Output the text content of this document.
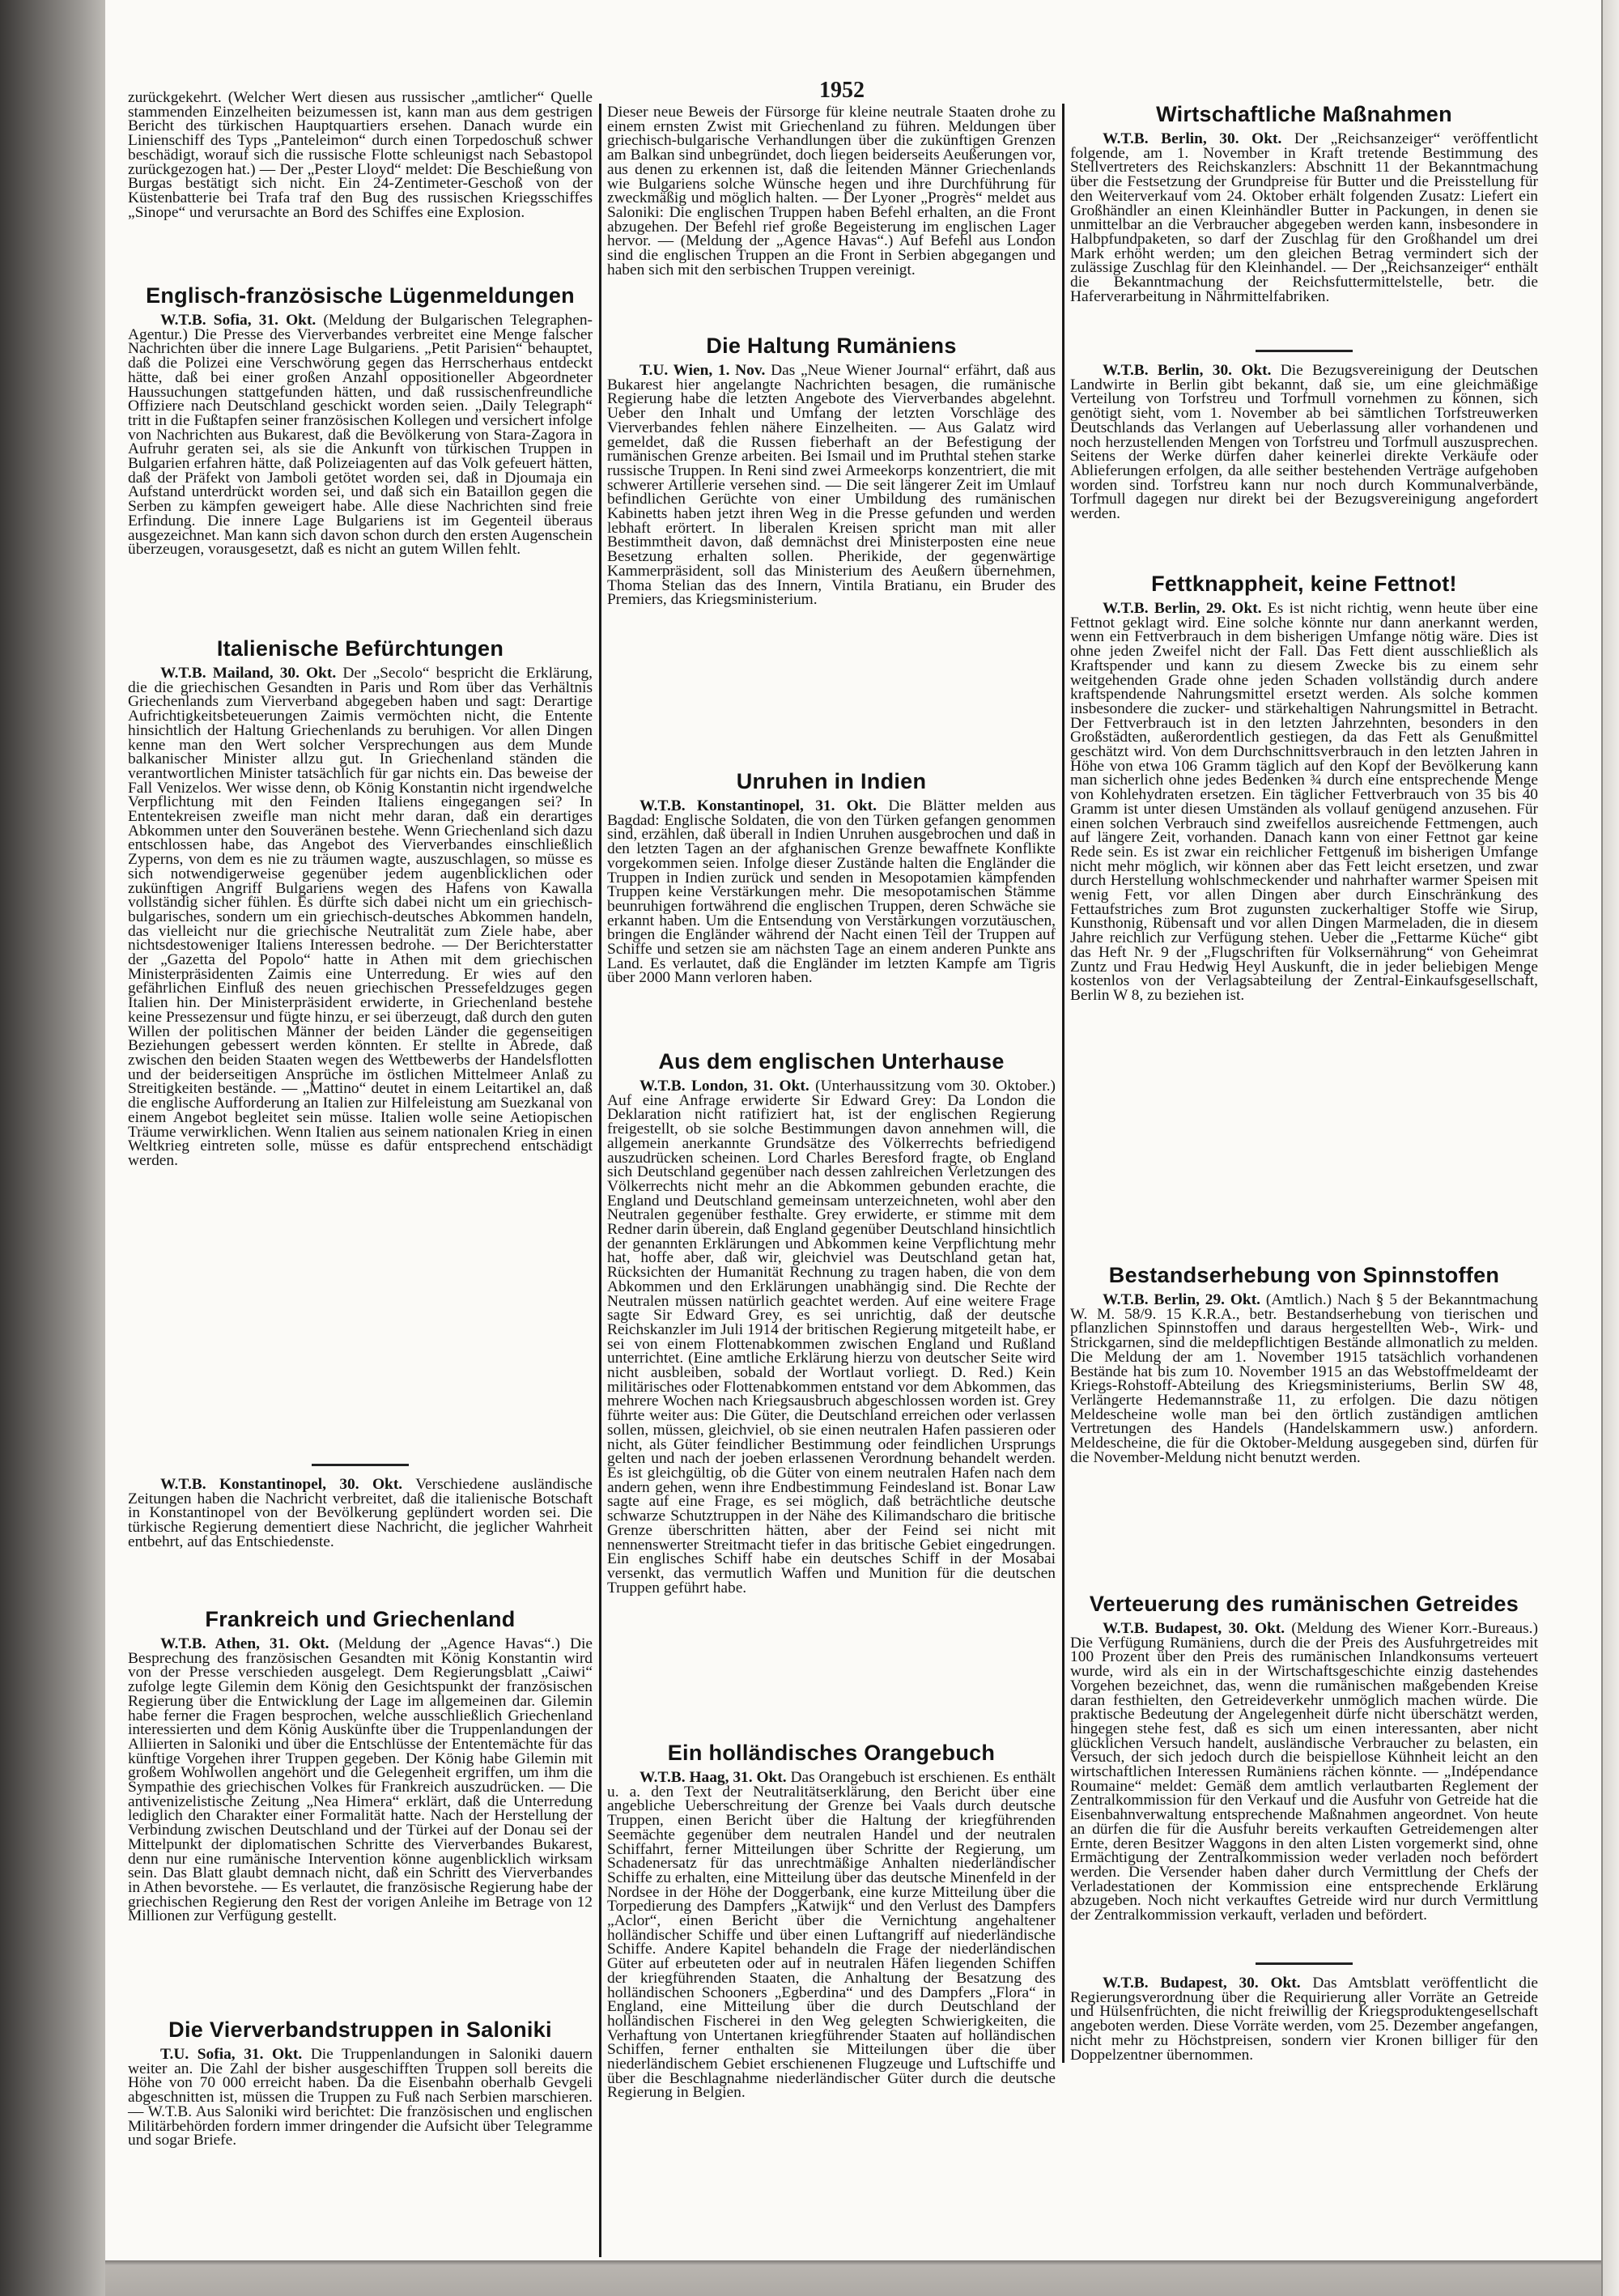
1952

zurückgekehrt. (Welcher Wert diesen aus russischer „amtlicher“ Quelle stammenden Einzelheiten beizumessen ist, kann man aus dem gestrigen Bericht des türkischen Hauptquartiers ersehen. Danach wurde ein Linienschiff des Typs „Panteleimon“ durch einen Torpedoschuß schwer beschädigt, worauf sich die russische Flotte schleunigst nach Sebastopol zurückgezogen hat.) — Der „Pester Lloyd“ meldet: Die Beschießung von Burgas bestätigt sich nicht. Ein 24-Zentimeter-Geschoß von der Küstenbatterie bei Trafa traf den Bug des russischen Kriegsschiffes „Sinope“ und verursachte an Bord des Schiffes eine Explosion.

Englisch-französische Lügenmeldungen

W.T.B. Sofia, 31. Okt. (Meldung der Bulgarischen Telegraphen-Agentur.) Die Presse des Vierverbandes verbreitet eine Menge falscher Nachrichten über die innere Lage Bulgariens. „Petit Parisien“ behauptet, daß die Polizei eine Verschwörung gegen das Herrscherhaus entdeckt hätte, daß bei einer großen Anzahl oppositioneller Abgeordneter Haussuchungen stattgefunden hätten, und daß russischenfreundliche Offiziere nach Deutschland geschickt worden seien. „Daily Telegraph“ tritt in die Fußtapfen seiner französischen Kollegen und versichert infolge von Nachrichten aus Bukarest, daß die Bevölkerung von Stara-Zagora in Aufruhr geraten sei, als sie die Ankunft von türkischen Truppen in Bulgarien erfahren hätte, daß Polizeiagenten auf das Volk gefeuert hätten, daß der Präfekt von Jamboli getötet worden sei, daß in Djoumaja ein Aufstand unterdrückt worden sei, und daß sich ein Bataillon gegen die Serben zu kämpfen geweigert habe. Alle diese Nachrichten sind freie Erfindung. Die innere Lage Bulgariens ist im Gegenteil überaus ausgezeichnet. Man kann sich davon schon durch den ersten Augenschein überzeugen, vorausgesetzt, daß es nicht an gutem Willen fehlt.

Italienische Befürchtungen

W.T.B. Mailand, 30. Okt. Der „Secolo“ bespricht die Erklärung, die die griechischen Gesandten in Paris und Rom über das Verhältnis Griechenlands zum Vierverband abgegeben haben und sagt: Derartige Aufrichtigkeitsbeteuerungen Zaimis vermöchten nicht, die Entente hinsichtlich der Haltung Griechenlands zu beruhigen. Vor allen Dingen kenne man den Wert solcher Versprechungen aus dem Munde balkanischer Minister allzu gut. In Griechenland ständen die verantwortlichen Minister tatsächlich für gar nichts ein. Das beweise der Fall Venizelos. Wer wisse denn, ob König Konstantin nicht irgendwelche Verpflichtung mit den Feinden Italiens eingegangen sei? In Ententekreisen zweifle man nicht mehr daran, daß ein derartiges Abkommen unter den Souveränen bestehe. Wenn Griechenland sich dazu entschlossen habe, das Angebot des Vierverbandes einschließlich Zyperns, von dem es nie zu träumen wagte, auszuschlagen, so müsse es sich notwendigerweise gegenüber jedem augenblicklichen oder zukünftigen Angriff Bulgariens wegen des Hafens von Kawalla vollständig sicher fühlen. Es dürfte sich dabei nicht um ein griechisch-bulgarisches, sondern um ein griechisch-deutsches Abkommen handeln, das vielleicht nur die griechische Neutralität zum Ziele habe, aber nichtsdestoweniger Italiens Interessen bedrohe. — Der Berichterstatter der „Gazetta del Popolo“ hatte in Athen mit dem griechischen Ministerpräsidenten Zaimis eine Unterredung. Er wies auf den gefährlichen Einfluß des neuen griechischen Pressefeldzuges gegen Italien hin. Der Ministerpräsident erwiderte, in Griechenland bestehe keine Pressezensur und fügte hinzu, er sei überzeugt, daß durch den guten Willen der politischen Männer der beiden Länder die gegenseitigen Beziehungen gebessert werden könnten. Er stellte in Abrede, daß zwischen den beiden Staaten wegen des Wettbewerbs der Handelsflotten und der beiderseitigen Ansprüche im östlichen Mittelmeer Anlaß zu Streitigkeiten bestände. — „Mattino“ deutet in einem Leitartikel an, daß die englische Aufforderung an Italien zur Hilfeleistung am Suezkanal von einem Angebot begleitet sein müsse. Italien wolle seine Aetiopischen Träume verwirklichen. Wenn Italien aus seinem nationalen Krieg in einen Weltkrieg eintreten solle, müsse es dafür entsprechend entschädigt werden.

W.T.B. Konstantinopel, 30. Okt. Verschiedene ausländische Zeitungen haben die Nachricht verbreitet, daß die italienische Botschaft in Konstantinopel von der Bevölkerung geplündert worden sei. Die türkische Regierung dementiert diese Nachricht, die jeglicher Wahrheit entbehrt, auf das Entschiedenste.

Frankreich und Griechenland

W.T.B. Athen, 31. Okt. (Meldung der „Agence Havas“.) Die Besprechung des französischen Gesandten mit König Konstantin wird von der Presse verschieden ausgelegt. Dem Regierungsblatt „Caiwi“ zufolge legte Gilemin dem König den Gesichtspunkt der französischen Regierung über die Entwicklung der Lage im allgemeinen dar. Gilemin habe ferner die Fragen besprochen, welche ausschließlich Griechenland interessierten und dem König Auskünfte über die Truppenlandungen der Alliierten in Saloniki und über die Entschlüsse der Ententemächte für das künftige Vorgehen ihrer Truppen gegeben. Der König habe Gilemin mit großem Wohlwollen angehört und die Gelegenheit ergriffen, um ihm die Sympathie des griechischen Volkes für Frankreich auszudrücken. — Die antivenizelistische Zeitung „Nea Himera“ erklärt, daß die Unterredung lediglich den Charakter einer Formalität hatte. Nach der Herstellung der Verbindung zwischen Deutschland und der Türkei auf der Donau sei der Mittelpunkt der diplomatischen Schritte des Vierverbandes Bukarest, denn nur eine rumänische Intervention könne augenblicklich wirksam sein. Das Blatt glaubt demnach nicht, daß ein Schritt des Vierverbandes in Athen bevorstehe. — Es verlautet, die französische Regierung habe der griechischen Regierung den Rest der vorigen Anleihe im Betrage von 12 Millionen zur Verfügung gestellt.

Die Vierverbandstruppen in Saloniki

T.U. Sofia, 31. Okt. Die Truppenlandungen in Saloniki dauern weiter an. Die Zahl der bisher ausgeschifften Truppen soll bereits die Höhe von 70 000 erreicht haben. Da die Eisenbahn oberhalb Gevgeli abgeschnitten ist, müssen die Truppen zu Fuß nach Serbien marschieren. — W.T.B. Aus Saloniki wird berichtet: Die französischen und englischen Militärbehörden fordern immer dringender die Aufsicht über Telegramme und sogar Briefe.

Dieser neue Beweis der Fürsorge für kleine neutrale Staaten drohe zu einem ernsten Zwist mit Griechenland zu führen. Meldungen über griechisch-bulgarische Verhandlungen über die zukünftigen Grenzen am Balkan sind unbegründet, doch liegen beiderseits Aeußerungen vor, aus denen zu erkennen ist, daß die leitenden Männer Griechenlands wie Bulgariens solche Wünsche hegen und ihre Durchführung für zweckmäßig und möglich halten. — Der Lyoner „Progrès“ meldet aus Saloniki: Die englischen Truppen haben Befehl erhalten, an die Front abzugehen. Der Befehl rief große Begeisterung im englischen Lager hervor. — (Meldung der „Agence Havas“.) Auf Befehl aus London sind die englischen Truppen an die Front in Serbien abgegangen und haben sich mit den serbischen Truppen vereinigt.

Die Haltung Rumäniens

T.U. Wien, 1. Nov. Das „Neue Wiener Journal“ erfährt, daß aus Bukarest hier angelangte Nachrichten besagen, die rumänische Regierung habe die letzten Angebote des Vierverbandes abgelehnt. Ueber den Inhalt und Umfang der letzten Vorschläge des Vierverbandes fehlen nähere Einzelheiten. — Aus Galatz wird gemeldet, daß die Russen fieberhaft an der Befestigung der rumänischen Grenze arbeiten. Bei Ismail und im Pruthtal stehen starke russische Truppen. In Reni sind zwei Armeekorps konzentriert, die mit schwerer Artillerie versehen sind. — Die seit längerer Zeit im Umlauf befindlichen Gerüchte von einer Umbildung des rumänischen Kabinetts haben jetzt ihren Weg in die Presse gefunden und werden lebhaft erörtert. In liberalen Kreisen spricht man mit aller Bestimmtheit davon, daß demnächst drei Ministerposten eine neue Besetzung erhalten sollen. Pherikide, der gegenwärtige Kammerpräsident, soll das Ministerium des Aeußern übernehmen, Thoma Stelian das des Innern, Vintila Bratianu, ein Bruder des Premiers, das Kriegsministerium.

Unruhen in Indien

W.T.B. Konstantinopel, 31. Okt. Die Blätter melden aus Bagdad: Englische Soldaten, die von den Türken gefangen genommen sind, erzählen, daß überall in Indien Unruhen ausgebrochen und daß in den letzten Tagen an der afghanischen Grenze bewaffnete Konflikte vorgekommen seien. Infolge dieser Zustände halten die Engländer die Truppen in Indien zurück und senden in Mesopotamien kämpfenden Truppen keine Verstärkungen mehr. Die mesopotamischen Stämme beunruhigen fortwährend die englischen Truppen, deren Schwäche sie erkannt haben. Um die Entsendung von Verstärkungen vorzutäuschen, bringen die Engländer während der Nacht einen Teil der Truppen auf Schiffe und setzen sie am nächsten Tage an einem anderen Punkte ans Land. Es verlautet, daß die Engländer im letzten Kampfe am Tigris über 2000 Mann verloren haben.

Aus dem englischen Unterhause

W.T.B. London, 31. Okt. (Unterhaussitzung vom 30. Oktober.) Auf eine Anfrage erwiderte Sir Edward Grey: Da London die Deklaration nicht ratifiziert hat, ist der englischen Regierung freigestellt, ob sie solche Bestimmungen davon annehmen will, die allgemein anerkannte Grundsätze des Völkerrechts befriedigend auszudrücken scheinen. Lord Charles Beresford fragte, ob England sich Deutschland gegenüber nach dessen zahlreichen Verletzungen des Völkerrechts nicht mehr an die Abkommen gebunden erachte, die England und Deutschland gemeinsam unterzeichneten, wohl aber den Neutralen gegenüber festhalte. Grey erwiderte, er stimme mit dem Redner darin überein, daß England gegenüber Deutschland hinsichtlich der genannten Erklärungen und Abkommen keine Verpflichtung mehr hat, hoffe aber, daß wir, gleichviel was Deutschland getan hat, Rücksichten der Humanität Rechnung zu tragen haben, die von dem Abkommen und den Erklärungen unabhängig sind. Die Rechte der Neutralen müssen natürlich geachtet werden. Auf eine weitere Frage sagte Sir Edward Grey, es sei unrichtig, daß der deutsche Reichskanzler im Juli 1914 der britischen Regierung mitgeteilt habe, er sei von einem Flottenabkommen zwischen England und Rußland unterrichtet. (Eine amtliche Erklärung hierzu von deutscher Seite wird nicht ausbleiben, sobald der Wortlaut vorliegt. D. Red.) Kein militärisches oder Flottenabkommen entstand vor dem Abkommen, das mehrere Wochen nach Kriegsausbruch abgeschlossen worden ist. Grey führte weiter aus: Die Güter, die Deutschland erreichen oder verlassen sollen, müssen, gleichviel, ob sie einen neutralen Hafen passieren oder nicht, als Güter feindlicher Bestimmung oder feindlichen Ursprungs gelten und nach der joeben erlassenen Verordnung behandelt werden. Es ist gleichgültig, ob die Güter von einem neutralen Hafen nach dem andern gehen, wenn ihre Endbestimmung Feindesland ist. Bonar Law sagte auf eine Frage, es sei möglich, daß beträchtliche deutsche schwarze Schutztruppen in der Nähe des Kilimandscharo die britische Grenze überschritten hätten, aber der Feind sei nicht mit nennenswerter Streitmacht tiefer in das britische Gebiet eingedrungen. Ein englisches Schiff habe ein deutsches Schiff in der Mosabai versenkt, das vermutlich Waffen und Munition für die deutschen Truppen geführt habe.

Ein holländisches Orangebuch

W.T.B. Haag, 31. Okt. Das Orangebuch ist erschienen. Es enthält u. a. den Text der Neutralitätserklärung, den Bericht über eine angebliche Ueberschreitung der Grenze bei Vaals durch deutsche Truppen, einen Bericht über die Haltung der kriegführenden Seemächte gegenüber dem neutralen Handel und der neutralen Schiffahrt, ferner Mitteilungen über Schritte der Regierung, um Schadenersatz für das unrechtmäßige Anhalten niederländischer Schiffe zu erhalten, eine Mitteilung über das deutsche Minenfeld in der Nordsee in der Höhe der Doggerbank, eine kurze Mitteilung über die Torpedierung des Dampfers „Katwijk“ und den Verlust des Dampfers „Aclor“, einen Bericht über die Vernichtung angehaltener holländischer Schiffe und über einen Luftangriff auf niederländische Schiffe. Andere Kapitel behandeln die Frage der niederländischen Güter auf erbeuteten oder auf in neutralen Häfen liegenden Schiffen der kriegführenden Staaten, die Anhaltung der Besatzung des holländischen Schooners „Egberdina“ und des Dampfers „Flora“ in England, eine Mitteilung über die durch Deutschland der holländischen Fischerei in den Weg gelegten Schwierigkeiten, die Verhaftung von Untertanen kriegführender Staaten auf holländischen Schiffen, ferner enthalten sie Mitteilungen über die über niederländischem Gebiet erschienenen Flugzeuge und Luftschiffe und über die Beschlagnahme niederländischer Güter durch die deutsche Regierung in Belgien.

Wirtschaftliche Maßnahmen

W.T.B. Berlin, 30. Okt. Der „Reichsanzeiger“ veröffentlicht folgende, am 1. November in Kraft tretende Bestimmung des Stellvertreters des Reichskanzlers: Abschnitt 11 der Bekanntmachung über die Festsetzung der Grundpreise für Butter und die Preisstellung für den Weiterverkauf vom 24. Oktober erhält folgenden Zusatz: Liefert ein Großhändler an einen Kleinhändler Butter in Packungen, in denen sie unmittelbar an die Verbraucher abgegeben werden kann, insbesondere in Halbpfundpaketen, so darf der Zuschlag für den Großhandel um drei Mark erhöht werden; um den gleichen Betrag vermindert sich der zulässige Zuschlag für den Kleinhandel. — Der „Reichsanzeiger“ enthält die Bekanntmachung der Reichsfuttermittelstelle, betr. die Haferverarbeitung in Nährmittelfabriken.

W.T.B. Berlin, 30. Okt. Die Bezugsvereinigung der Deutschen Landwirte in Berlin gibt bekannt, daß sie, um eine gleichmäßige Verteilung von Torfstreu und Torfmull vornehmen zu können, sich genötigt sieht, vom 1. November ab bei sämtlichen Torfstreuwerken Deutschlands das Verlangen auf Ueberlassung aller vorhandenen und noch herzustellenden Mengen von Torfstreu und Torfmull auszusprechen. Seitens der Werke dürfen daher keinerlei direkte Verkäufe oder Ablieferungen erfolgen, da alle seither bestehenden Verträge aufgehoben worden sind. Torfstreu kann nur noch durch Kommunalverbände, Torfmull dagegen nur direkt bei der Bezugsvereinigung angefordert werden.

Fettknappheit, keine Fettnot!

W.T.B. Berlin, 29. Okt. Es ist nicht richtig, wenn heute über eine Fettnot geklagt wird. Eine solche könnte nur dann anerkannt werden, wenn ein Fettverbrauch in dem bisherigen Umfange nötig wäre. Dies ist ohne jeden Zweifel nicht der Fall. Das Fett dient ausschließlich als Kraftspender und kann zu diesem Zwecke bis zu einem sehr weitgehenden Grade ohne jeden Schaden vollständig durch andere kraftspendende Nahrungsmittel ersetzt werden. Als solche kommen insbesondere die zucker- und stärkehaltigen Nahrungsmittel in Betracht. Der Fettverbrauch ist in den letzten Jahrzehnten, besonders in den Großstädten, außerordentlich gestiegen, da das Fett als Genußmittel geschätzt wird. Von dem Durchschnittsverbrauch in den letzten Jahren in Höhe von etwa 106 Gramm täglich auf den Kopf der Bevölkerung kann man sicherlich ohne jedes Bedenken ¾ durch eine entsprechende Menge von Kohlehydraten ersetzen. Ein täglicher Fettverbrauch von 35 bis 40 Gramm ist unter diesen Umständen als vollauf genügend anzusehen. Für einen solchen Verbrauch sind zweifellos ausreichende Fettmengen, auch auf längere Zeit, vorhanden. Danach kann von einer Fettnot gar keine Rede sein. Es ist zwar ein reichlicher Fettgenuß im bisherigen Umfange nicht mehr möglich, wir können aber das Fett leicht ersetzen, und zwar durch Herstellung wohlschmeckender und nahrhafter warmer Speisen mit wenig Fett, vor allen Dingen aber durch Einschränkung des Fettaufstriches zum Brot zugunsten zuckerhaltiger Stoffe wie Sirup, Kunsthonig, Rübensaft und vor allen Dingen Marmeladen, die in diesem Jahre reichlich zur Verfügung stehen. Ueber die „Fettarme Küche“ gibt das Heft Nr. 9 der „Flugschriften für Volksernährung“ von Geheimrat Zuntz und Frau Hedwig Heyl Auskunft, die in jeder beliebigen Menge kostenlos von der Verlagsabteilung der Zentral-Einkaufsgesellschaft, Berlin W 8, zu beziehen ist.

Bestandserhebung von Spinnstoffen

W.T.B. Berlin, 29. Okt. (Amtlich.) Nach § 5 der Bekanntmachung W. M. 58/9. 15 K.R.A., betr. Bestandserhebung von tierischen und pflanzlichen Spinnstoffen und daraus hergestellten Web-, Wirk- und Strickgarnen, sind die meldepflichtigen Bestände allmonatlich zu melden. Die Meldung der am 1. November 1915 tatsächlich vorhandenen Bestände hat bis zum 10. November 1915 an das Webstoffmeldeamt der Kriegs-Rohstoff-Abteilung des Kriegsministeriums, Berlin SW 48, Verlängerte Hedemannstraße 11, zu erfolgen. Die dazu nötigen Meldescheine wolle man bei den örtlich zuständigen amtlichen Vertretungen des Handels (Handelskammern usw.) anfordern. Meldescheine, die für die Oktober-Meldung ausgegeben sind, dürfen für die November-Meldung nicht benutzt werden.

Verteuerung des rumänischen Getreides

W.T.B. Budapest, 30. Okt. (Meldung des Wiener Korr.-Bureaus.) Die Verfügung Rumäniens, durch die der Preis des Ausfuhrgetreides mit 100 Prozent über den Preis des rumänischen Inlandkonsums verteuert wurde, wird als ein in der Wirtschaftsgeschichte einzig dastehendes Vorgehen bezeichnet, das, wenn die rumänischen maßgebenden Kreise daran festhielten, den Getreideverkehr unmöglich machen würde. Die praktische Bedeutung der Angelegenheit dürfe nicht überschätzt werden, hingegen stehe fest, daß es sich um einen interessanten, aber nicht glücklichen Versuch handelt, ausländische Verbraucher zu belasten, ein Versuch, der sich jedoch durch die beispiellose Kühnheit leicht an den wirtschaftlichen Interessen Rumäniens rächen könnte. — „Indépendance Roumaine“ meldet: Gemäß dem amtlich verlautbarten Reglement der Zentralkommission für den Verkauf und die Ausfuhr von Getreide hat die Eisenbahnverwaltung entsprechende Maßnahmen angeordnet. Von heute an dürfen die für die Ausfuhr bereits verkauften Getreidemengen alter Ernte, deren Besitzer Waggons in den alten Listen vorgemerkt sind, ohne Ermächtigung der Zentralkommission weder verladen noch befördert werden. Die Versender haben daher durch Vermittlung der Chefs der Verladestationen der Kommission eine entsprechende Erklärung abzugeben. Noch nicht verkauftes Getreide wird nur durch Vermittlung der Zentralkommission verkauft, verladen und befördert.

W.T.B. Budapest, 30. Okt. Das Amtsblatt veröffentlicht die Regierungsverordnung über die Requirierung aller Vorräte an Getreide und Hülsenfrüchten, die nicht freiwillig der Kriegsproduktengesellschaft angeboten werden. Diese Vorräte werden, vom 25. Dezember angefangen, nicht mehr zu Höchstpreisen, sondern vier Kronen billiger für den Doppelzentner übernommen.
